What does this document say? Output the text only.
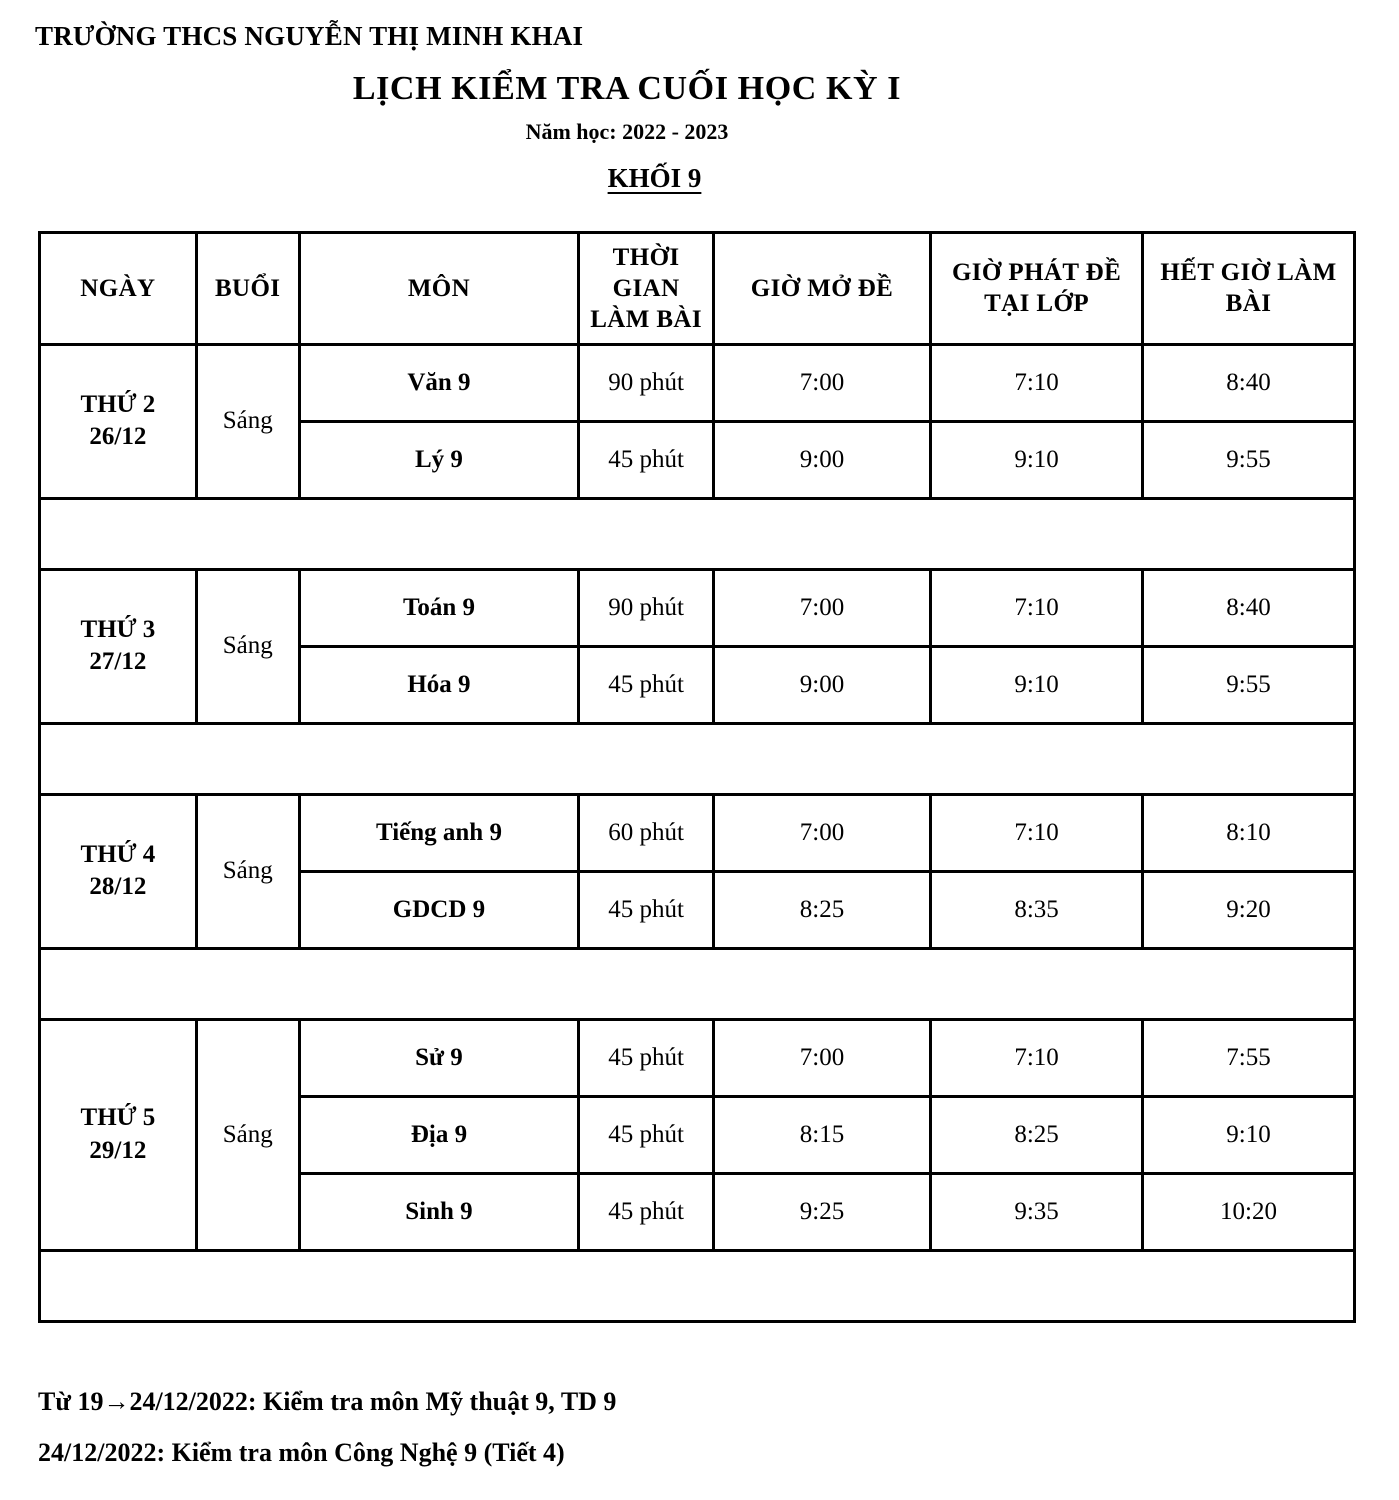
TRƯỜNG THCS NGUYỄN THỊ MINH KHAI
LỊCH KIỂM TRA CUỐI HỌC KỲ I
Năm học: 2022 - 2023
KHỐI 9
NGÀY	BUỔI	MÔN	THỜI GIAN LÀM BÀI	GIỜ MỞ ĐỀ	GIỜ PHÁT ĐỀ TẠI LỚP	HẾT GIỜ LÀM BÀI

THỨ 2
26/12	Sáng	Văn 9	90 phút	7:00	7:10	8:40
		Lý 9	45 phút	9:00	9:10	9:55

THỨ 3
27/12	Sáng	Toán 9	90 phút	7:00	7:10	8:40
		Hóa 9	45 phút	9:00	9:10	9:55

THỨ 4
28/12	Sáng	Tiếng anh 9	60 phút	7:00	7:10	8:10
		GDCD 9	45 phút	8:25	8:35	9:20

THỨ 5
29/12	Sáng	Sử 9	45 phút	7:00	7:10	7:55
		Địa 9	45 phút	8:15	8:25	9:10
		Sinh 9	45 phút	9:25	9:35	10:20

Từ 19→24/12/2022: Kiểm tra môn Mỹ thuật 9, TD 9
24/12/2022: Kiểm tra môn Công Nghệ 9 (Tiết 4)
